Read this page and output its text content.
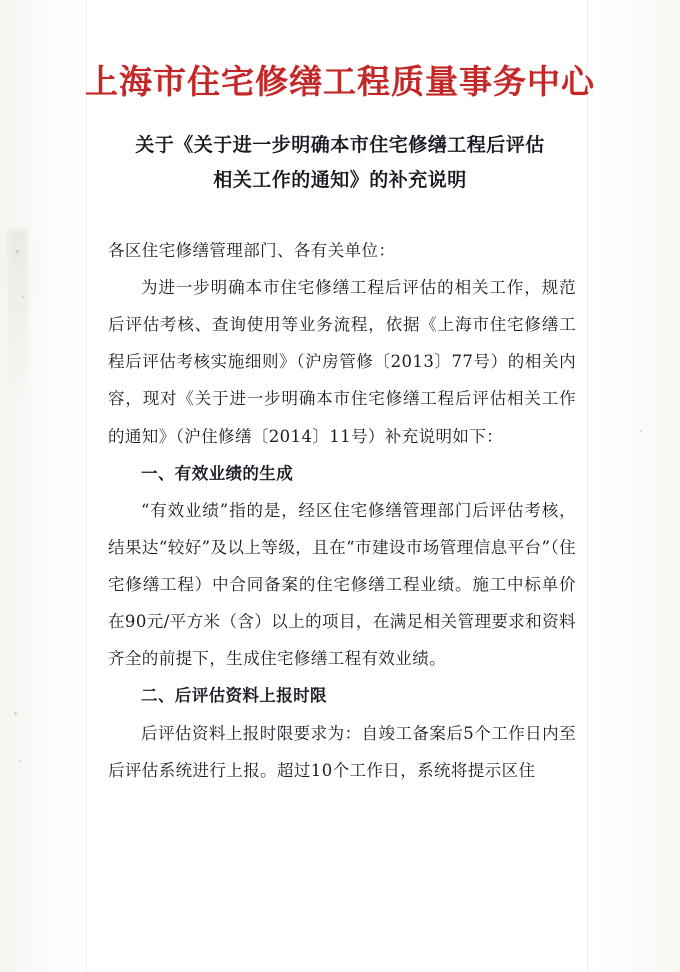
上海市住宅修缮工程质量事务中心
关于《关于进一步明确本市住宅修缮工程后评估
相关工作的通知》的补充说明

各区住宅修缮管理部门、各有关单位：

为进一步明确本市住宅修缮工程后评估的相关工作，规范后评估考核、查询使用等业务流程，依据《上海市住宅修缮工程后评估考核实施细则》（沪房管修〔2013〕77号）的相关内容，现对《关于进一步明确本市住宅修缮工程后评估相关工作的通知》（沪住修缮〔2014〕11号）补充说明如下：

一、有效业绩的生成

“有效业绩”指的是，经区住宅修缮管理部门后评估考核，结果达“较好”及以上等级，且在“市建设市场管理信息平台”（住宅修缮工程）中合同备案的住宅修缮工程业绩。施工中标单价在90元/平方米（含）以上的项目，在满足相关管理要求和资料齐全的前提下，生成住宅修缮工程有效业绩。

二、后评估资料上报时限

后评估资料上报时限要求为：自竣工备案后5个工作日内至后评估系统进行上报。超过10个工作日，系统将提示区住
